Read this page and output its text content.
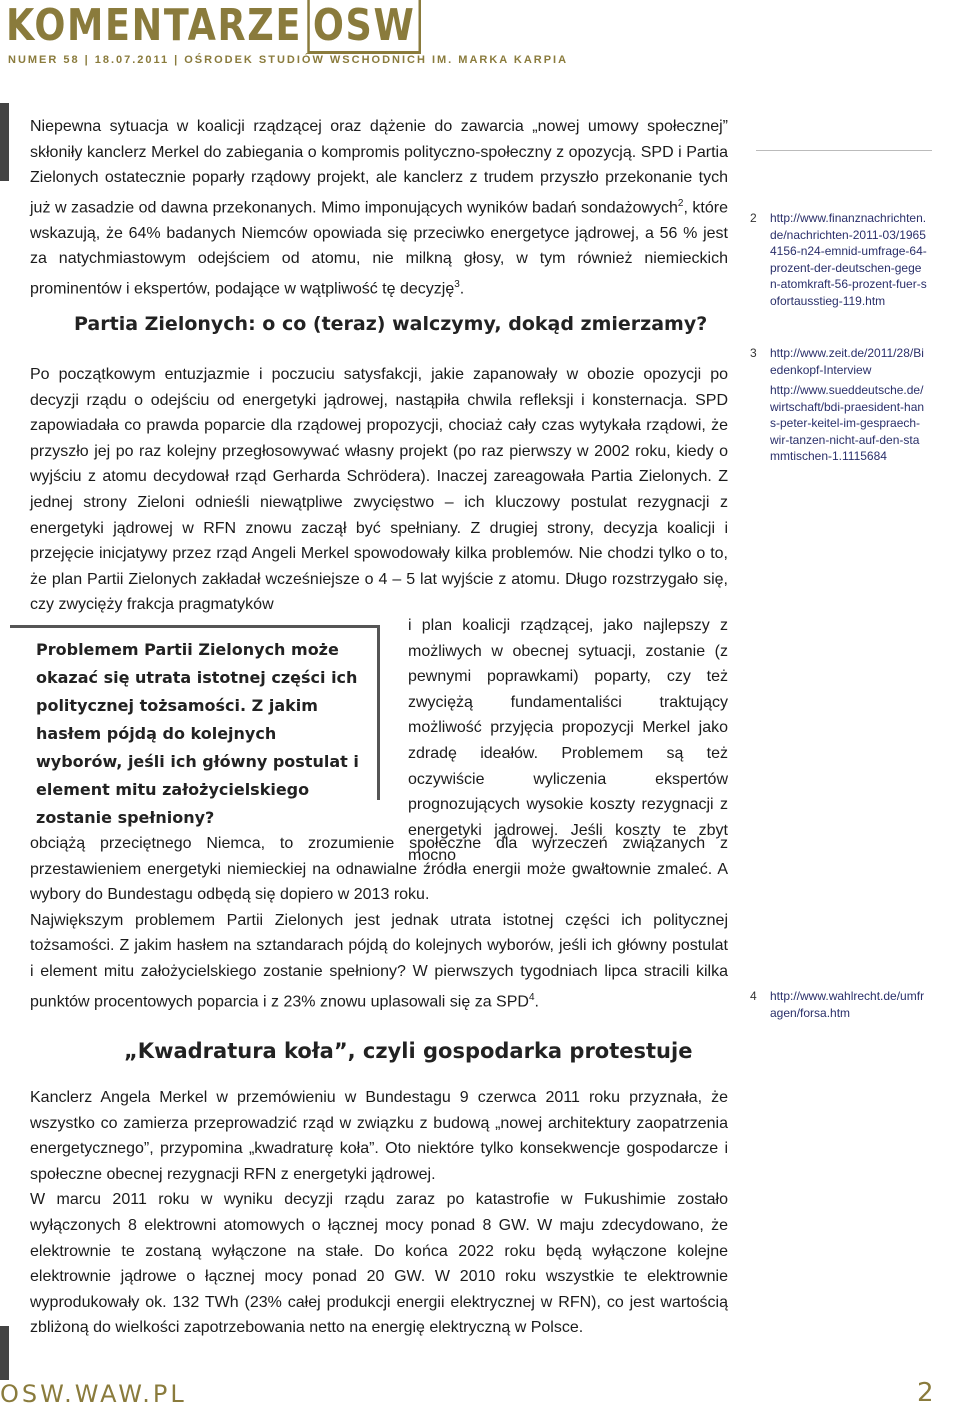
KOMENTARZE OSW
NUMER 58 | 18.07.2011 | OŚRODEK STUDIÓW WSCHODNICH IM. MARKA KARPIA

Niepewna sytuacja w koalicji rządzącej oraz dążenie do zawarcia „nowej umowy społecznej” skłoniły kanclerz Merkel do zabiegania o kompromis polityczno-społeczny z opozycją. SPD i Partia Zielonych ostatecznie poparły rządowy projekt, ale kanclerz z trudem przyszło przekonanie tych już w zasadzie od dawna przekonanych. Mimo imponujących wyników badań sondażowych$^2$, które wskazują, że 64% badanych Niemców opowiada się przeciwko energetyce jądrowej, a 56 % jest za natychmiastowym odejściem od atomu, nie milkną głosy, w tym również niemieckich prominentów i ekspertów, podające w wątpliwość tę decyzję$^3$.

Partia Zielonych: o co (teraz) walczymy, dokąd zmierzamy?

Po początkowym entuzjazmie i poczuciu satysfakcji, jakie zapanowały w obozie opozycji po decyzji rządu o odejściu od energetyki jądrowej, nastąpiła chwila refleksji i konsternacja. SPD zapowiadała co prawda poparcie dla rządowej propozycji, chociaż cały czas wytykała rządowi, że przyszło jej po raz kolejny przegłosowywać własny projekt (po raz pierwszy w 2002 roku, kiedy o wyjściu z atomu decydował rząd Gerharda Schrödera). Inaczej zareagowała Partia Zielonych. Z jednej strony Zieloni odnieśli niewątpliwe zwycięstwo – ich kluczowy postulat rezygnacji z energetyki jądrowej w RFN znowu zaczął być spełniany. Z drugiej strony, decyzja koalicji i przejęcie inicjatywy przez rząd Angeli Merkel spowodowały kilka problemów. Nie chodzi tylko o to, że plan Partii Zielonych zakładał wcześniejsze o 4 – 5 lat wyjście z atomu. Długo rozstrzygało się, czy zwycięży frakcja pragmatyków

Problemem Partii Zielonych może okazać się utrata istotnej części ich politycznej tożsamości. Z jakim hasłem pójdą do kolejnych wyborów, jeśli ich główny postulat i element mitu założycielskiego zostanie spełniony?
i plan koalicji rządzącej, jako najlepszy z możliwych w obecnej sytuacji, zostanie (z pewnymi poprawkami) poparty, czy też zwyciężą fundamentaliści traktujący możliwość przyjęcia propozycji Merkel jako zdradę ideałów. Problemem są też oczywiście wyliczenia ekspertów prognozujących wysokie koszty rezygnacji z energetyki jądrowej. Jeśli koszty te zbyt mocno

obciążą przeciętnego Niemca, to zrozumienie społeczne dla wyrzeczeń związanych z przestawieniem energetyki niemieckiej na odnawialne źródła energii może gwałtownie zmaleć. A wybory do Bundestagu odbędą się dopiero w 2013 roku.

Największym problemem Partii Zielonych jest jednak utrata istotnej części ich politycznej tożsamości. Z jakim hasłem na sztandarach pójdą do kolejnych wyborów, jeśli ich główny postulat i element mitu założycielskiego zostanie spełniony? W pierwszych tygodniach lipca stracili kilka punktów procentowych poparcia i z 23% znowu uplasowali się za SPD$^4$.

„Kwadratura koła”, czyli gospodarka protestuje

Kanclerz Angela Merkel w przemówieniu w Bundestagu 9 czerwca 2011 roku przyznała, że wszystko co zamierza przeprowadzić rząd w związku z budową „nowej architektury zaopatrzenia energetycznego”, przypomina „kwadraturę koła”. Oto niektóre tylko konsekwencje gospodarcze i społeczne obecnej rezygnacji RFN z energetyki jądrowej.

W marcu 2011 roku w wyniku decyzji rządu zaraz po katastrofie w Fukushimie zostało wyłączonych 8 elektrowni atomowych o łącznej mocy ponad 8 GW. W maju zdecydowano, że elektrownie te zostaną wyłączone na stałe. Do końca 2022 roku będą wyłączone kolejne elektrownie jądrowe o łącznej mocy ponad 20 GW. W 2010 roku wszystkie te elektrownie wyprodukowały ok. 132 TWh (23% całej produkcji energii elektrycznej w RFN), co jest wartością zbliżoną do wielkości zapotrzebowania netto na energię elektryczną w Polsce.

2 http://www.finanznachrichten.de/nachrichten-2011-03/19654156-n24-emnid-umfrage-64-prozent-der-deutschen-gegen-atomkraft-56-prozent-fuer-sofortausstieg-119.htm
3 http://www.zeit.de/2011/28/Biedenkopf-Interview
http://www.sueddeutsche.de/wirtschaft/bdi-praesident-hans-peter-keitel-im-gespraech-wir-tanzen-nicht-auf-den-stammtischen-1.1115684
4 http://www.wahlrecht.de/umfragen/forsa.htm
OSW.WAW.PL	2
